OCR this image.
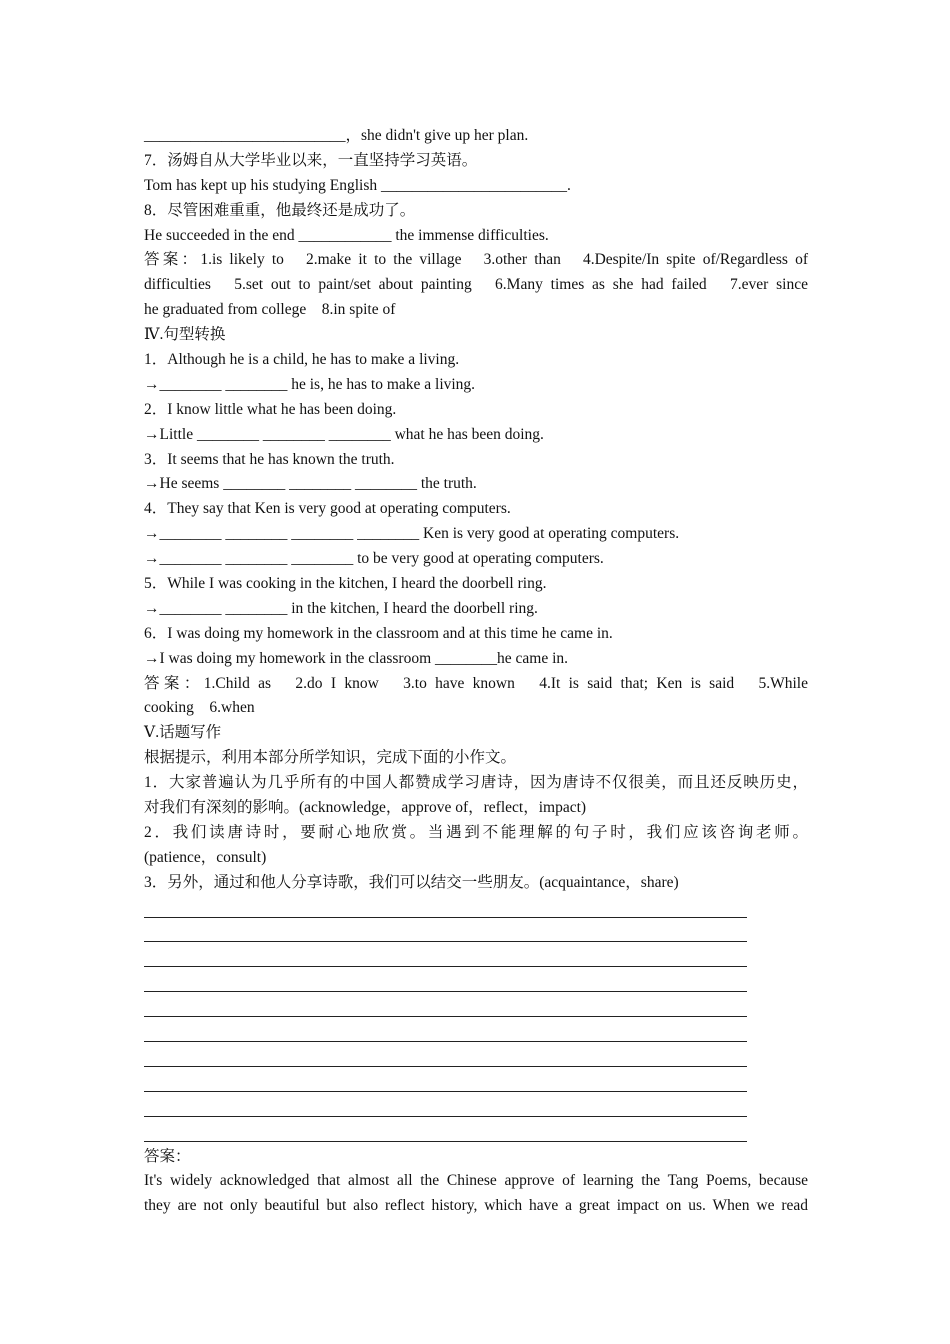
__________________________，she didn't give up her plan.
7．汤姆自从大学毕业以来，一直坚持学习英语。
Tom has kept up his studying English ________________________.
8．尽管困难重重，他最终还是成功了。
He succeeded in the end ____________ the immense difficulties.
答案：1.is likely to　2.make it to the village　3.other than　4.Despite/In spite of/Regardless of
difficulties　5.set out to paint/set about painting　6.Many times as she had failed　7.ever since
he graduated from college　8.in spite of
Ⅳ.句型转换
1．Although he is a child, he has to make a living.
→________ ________ he is, he has to make a living.
2．I know little what he has been doing.
→Little ________ ________ ________ what he has been doing.
3．It seems that he has known the truth.
→He seems ________ ________ ________ the truth.
4．They say that Ken is very good at operating computers.
→________ ________ ________ ________ Ken is very good at operating computers.
→________ ________ ________ to be very good at operating computers.
5．While I was cooking in the kitchen, I heard the doorbell ring.
→________ ________ in the kitchen, I heard the doorbell ring.
6．I was doing my homework in the classroom and at this time he came in.
→I was doing my homework in the classroom ________he came in.
答案：1.Child as　2.do I know　3.to have known　4.It is said that; Ken is said　5.While
cooking　6.when
Ⅴ.话题写作
根据提示，利用本部分所学知识，完成下面的小作文。
1．大家普遍认为几乎所有的中国人都赞成学习唐诗，因为唐诗不仅很美，而且还反映历史，
对我们有深刻的影响。(acknowledge，approve of，reflect，impact)
2．我们读唐诗时，要耐心地欣赏。当遇到不能理解的句子时，我们应该咨询老师。
(patience，consult)
3．另外，通过和他人分享诗歌，我们可以结交一些朋友。(acquaintance，share)
答案：
It's widely acknowledged that almost all the Chinese approve of learning the Tang Poems, because
they are not only beautiful but also reflect history, which have a great impact on us. When we read
